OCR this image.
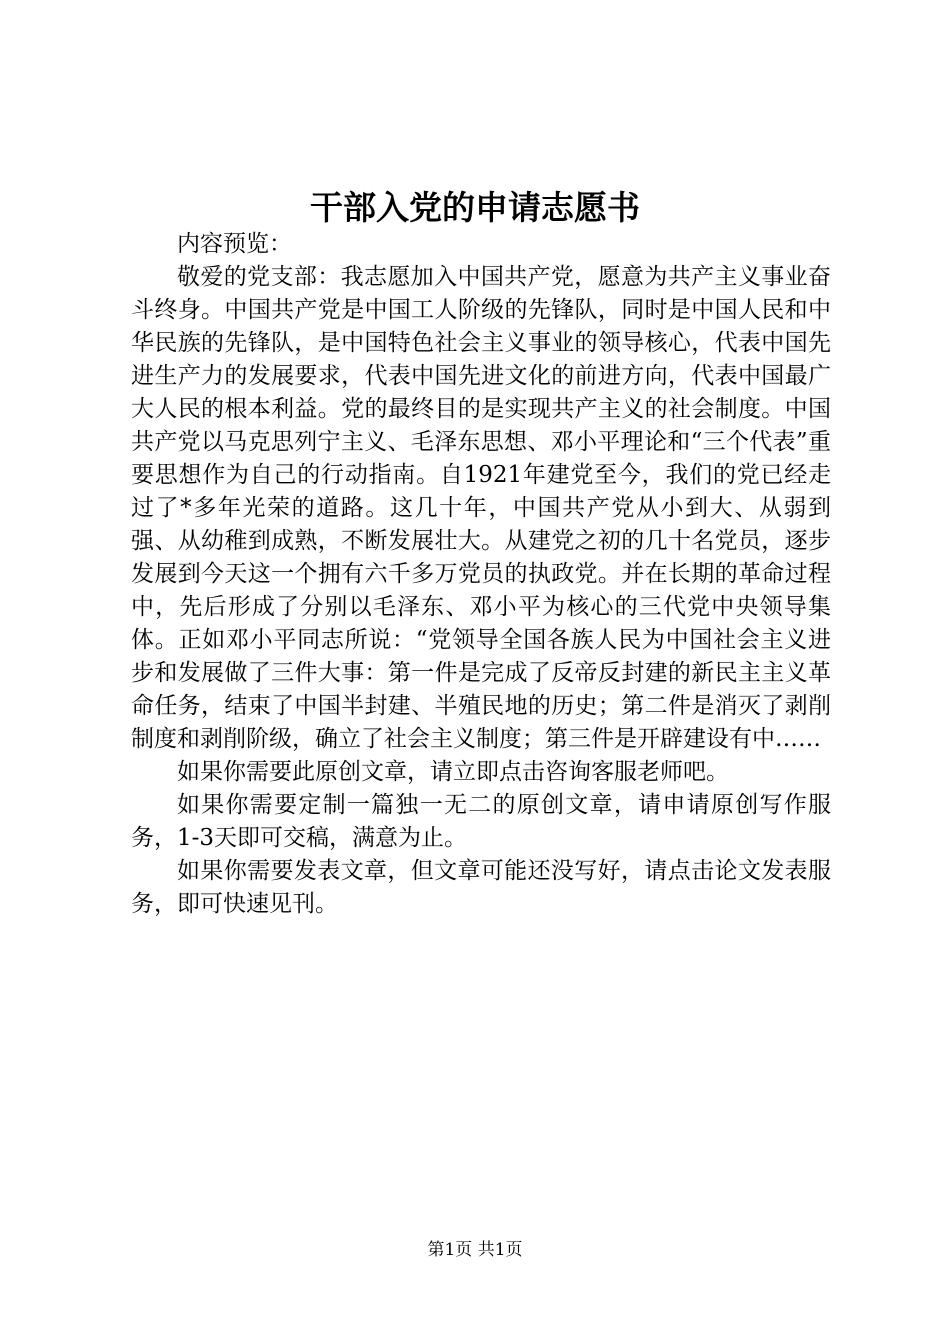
干部入党的申请志愿书

内容预览：

敬爱的党支部：我志愿加入中国共产党，愿意为共产主义事业奋斗终身。中国共产党是中国工人阶级的先锋队，同时是中国人民和中华民族的先锋队，是中国特色社会主义事业的领导核心，代表中国先进生产力的发展要求，代表中国先进文化的前进方向，代表中国最广大人民的根本利益。党的最终目的是实现共产主义的社会制度。中国共产党以马克思列宁主义、毛泽东思想、邓小平理论和“三个代表”重要思想作为自己的行动指南。自1921年建党至今，我们的党已经走过了*多年光荣的道路。这几十年，中国共产党从小到大、从弱到强、从幼稚到成熟，不断发展壮大。从建党之初的几十名党员，逐步发展到今天这一个拥有六千多万党员的执政党。并在长期的革命过程中，先后形成了分别以毛泽东、邓小平为核心的三代党中央领导集体。正如邓小平同志所说：“党领导全国各族人民为中国社会主义进步和发展做了三件大事：第一件是完成了反帝反封建的新民主主义革命任务，结束了中国半封建、半殖民地的历史；第二件是消灭了剥削制度和剥削阶级，确立了社会主义制度；第三件是开辟建设有中……

如果你需要此原创文章，请立即点击咨询客服老师吧。

如果你需要定制一篇独一无二的原创文章，请申请原创写作服务，1-3天即可交稿，满意为止。

如果你需要发表文章，但文章可能还没写好，请点击论文发表服务，即可快速见刊。

第1页 共1页
